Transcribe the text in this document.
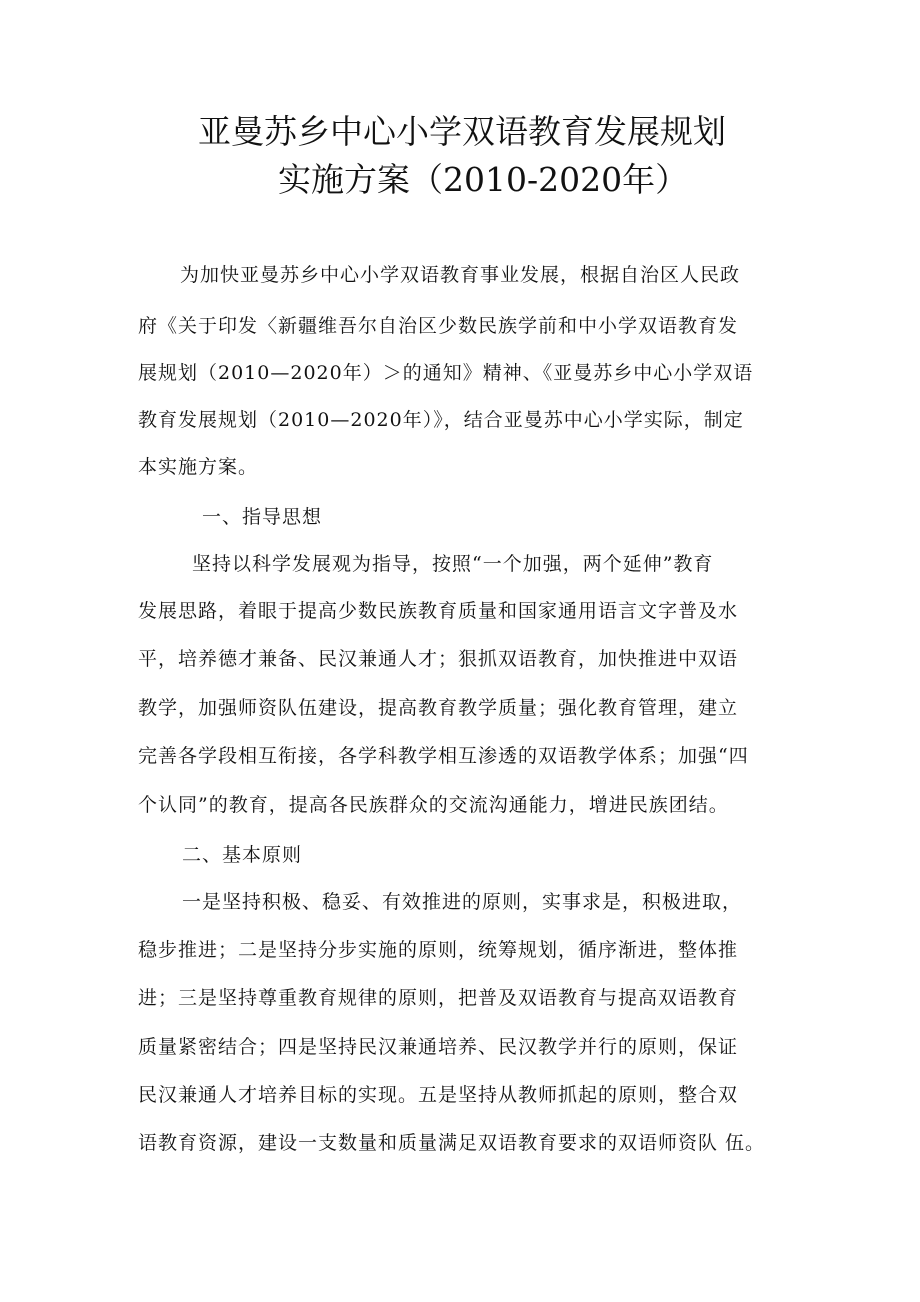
亚曼苏乡中心小学双语教育发展规划
实施方案（2010-2020年）
为加快亚曼苏乡中心小学双语教育事业发展，根据自治区人民政
府《关于印发〈新疆维吾尔自治区少数民族学前和中小学双语教育发
展规划（2010—2020年）＞的通知》精神、《亚曼苏乡中心小学双语
教育发展规划（2010—2020年）》，结合亚曼苏中心小学实际，制定
本实施方案。
一、指导思想
坚持以科学发展观为指导，按照“一个加强，两个延伸”教育
发展思路，着眼于提高少数民族教育质量和国家通用语言文字普及水
平，培养德才兼备、民汉兼通人才；狠抓双语教育，加快推进中双语
教学，加强师资队伍建设，提高教育教学质量；强化教育管理，建立
完善各学段相互衔接，各学科教学相互渗透的双语教学体系；加强“四
个认同”的教育，提高各民族群众的交流沟通能力，增进民族团结。
二、基本原则
一是坚持积极、稳妥、有效推进的原则，实事求是，积极进取，
稳步推进；二是坚持分步实施的原则，统筹规划，循序渐进，整体推
进；三是坚持尊重教育规律的原则，把普及双语教育与提高双语教育
质量紧密结合；四是坚持民汉兼通培养、民汉教学并行的原则，保证
民汉兼通人才培养目标的实现。五是坚持从教师抓起的原则，整合双
语教育资源，建设一支数量和质量满足双语教育要求的双语师资队 伍。
